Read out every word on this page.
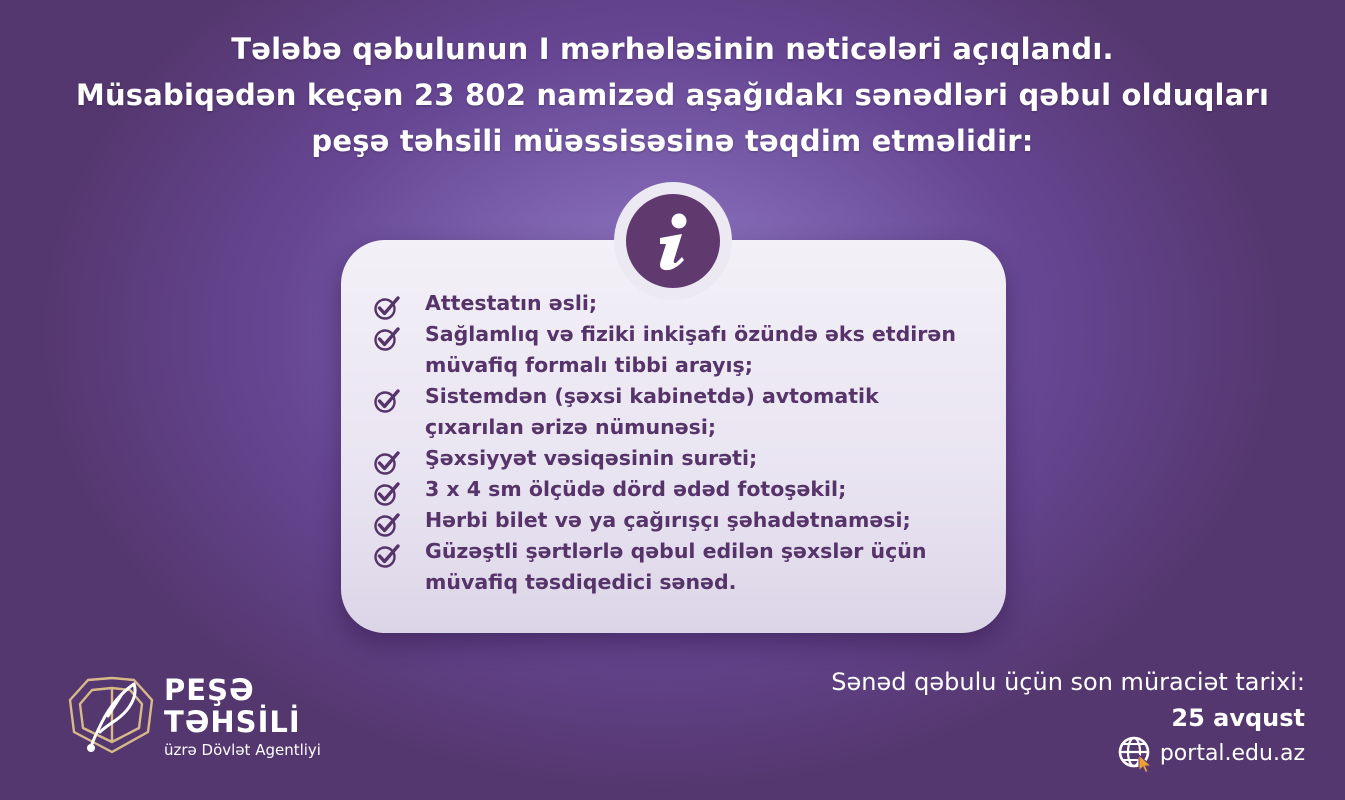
Tələbə qəbulunun I mərhələsinin nəticələri açıqlandı.
Müsabiqədən keçən 23 802 namizəd aşağıdakı sənədləri qəbul olduqları
peşə təhsili müəssisəsinə təqdim etməlidir:
Attestatın əsli;
Sağlamlıq və fiziki inkişafı özündə əks etdirən
müvafiq formalı tibbi arayış;
Sistemdən (şəxsi kabinetdə) avtomatik
çıxarılan ərizə nümunəsi;
Şəxsiyyət vəsiqəsinin surəti;
3 x 4 sm ölçüdə dörd ədəd fotoşəkil;
Hərbi bilet və ya çağırışçı şəhadətnaməsi;
Güzəştli şərtlərlə qəbul edilən şəxslər üçün
müvafiq təsdiqedici sənəd.
Sənəd qəbulu üçün son müraciət tarixi:
25 avqust
portal.edu.az
PEŞƏ
TƏHSİLİ
üzrə Dövlət Agentliyi
